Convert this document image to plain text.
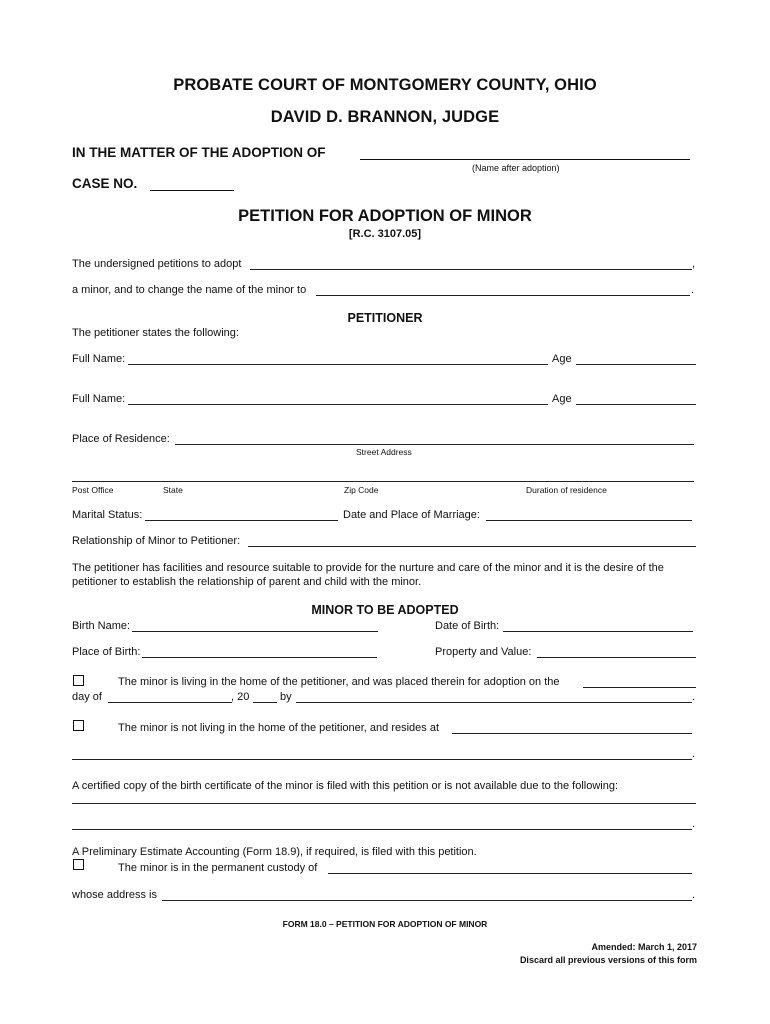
PROBATE COURT OF MONTGOMERY COUNTY, OHIO
DAVID D. BRANNON, JUDGE
IN THE MATTER OF THE ADOPTION OF
(Name after adoption)
CASE NO.
PETITION FOR ADOPTION OF MINOR
[R.C. 3107.05]
The undersigned petitions to adopt	,
a minor, and to change the name of the minor to	.
PETITIONER
The petitioner states the following:
Full Name:	Age
Full Name:	Age
Place of Residence:
Street Address
Post Office	State	Zip Code	Duration of residence
Marital Status:	Date and Place of Marriage:
Relationship of Minor to Petitioner:
The petitioner has facilities and resource suitable to provide for the nurture and care of the minor and it is the desire of the
petitioner to establish the relationship of parent and child with the minor.
MINOR TO BE ADOPTED
Birth Name:	Date of Birth:
Place of Birth:	Property and Value:
The minor is living in the home of the petitioner, and was placed therein for adoption on the
day of	, 20	by	.
The minor is not living in the home of the petitioner, and resides at
.
A certified copy of the birth certificate of the minor is filed with this petition or is not available due to the following:
.
A Preliminary Estimate Accounting (Form 18.9), if required, is filed with this petition.
The minor is in the permanent custody of
whose address is	.
FORM 18.0 – PETITION FOR ADOPTION OF MINOR
Amended: March 1, 2017
Discard all previous versions of this form
